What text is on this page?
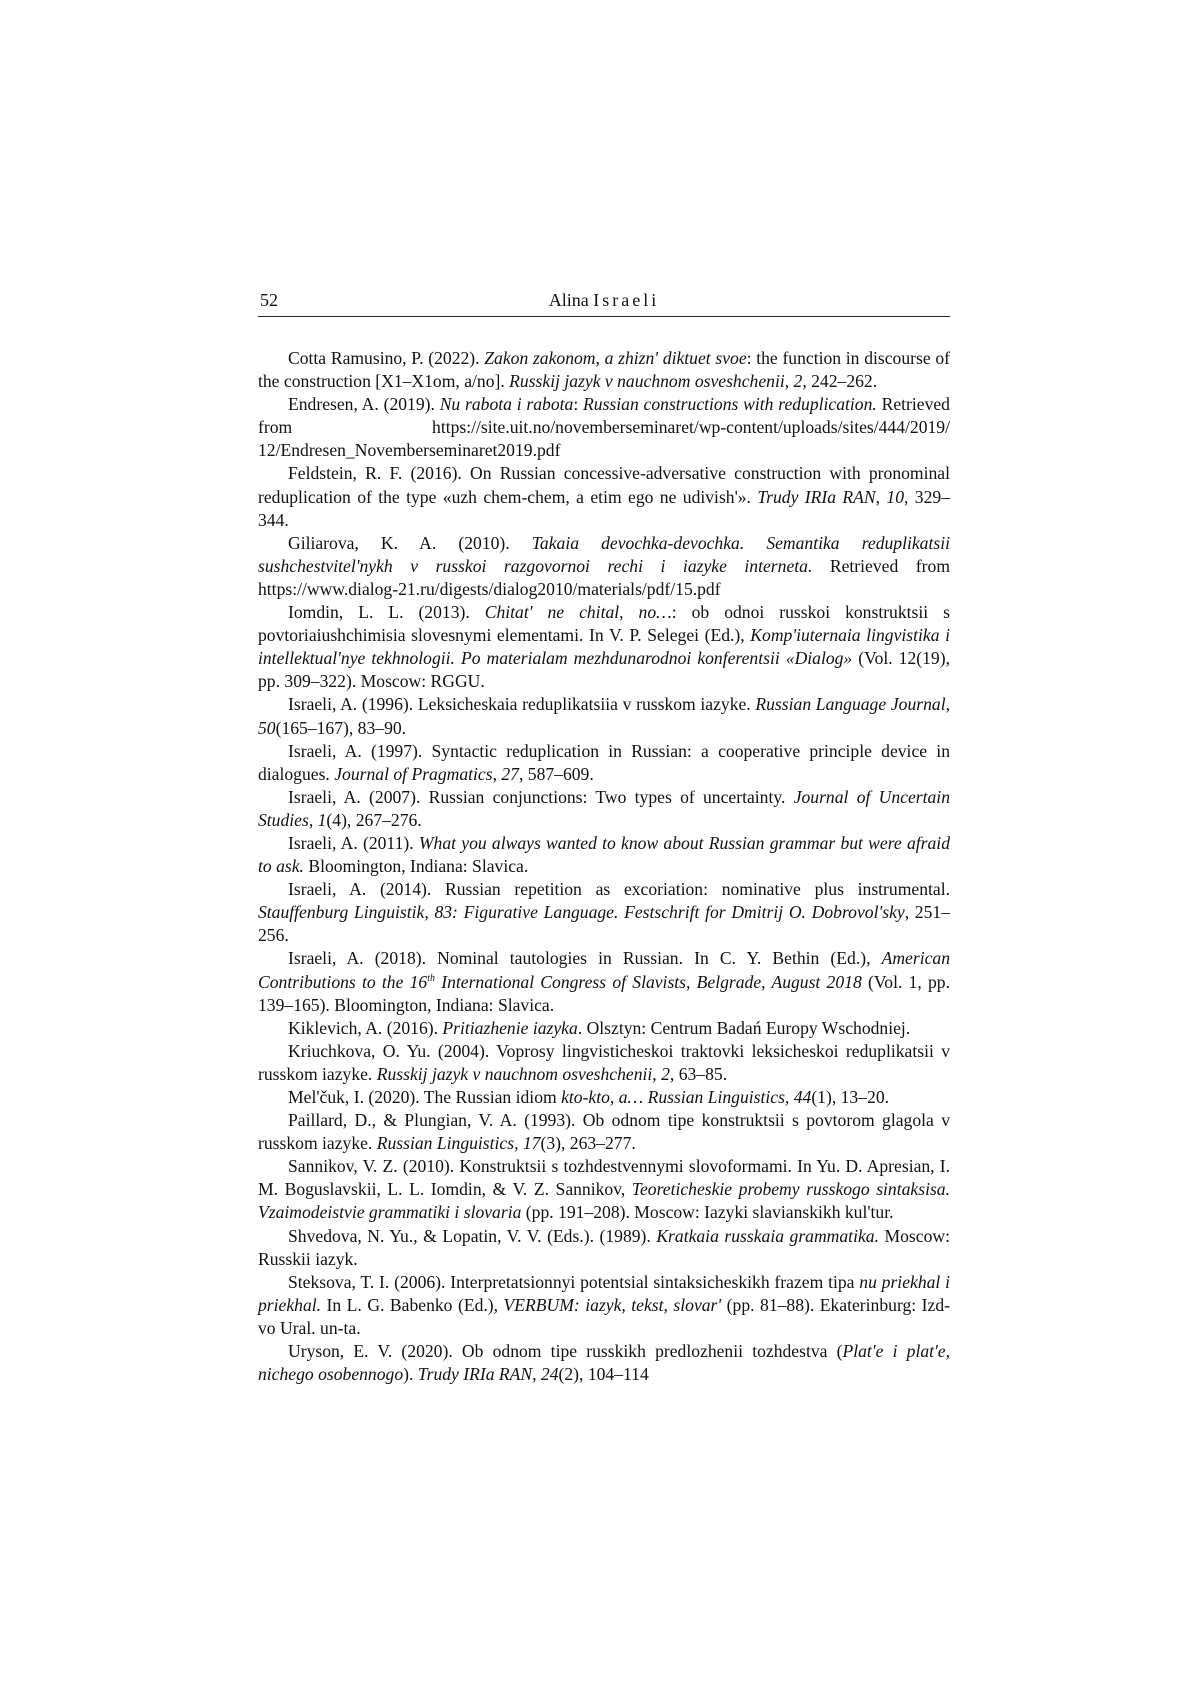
52	Alina Israeli

Cotta Ramusino, P. (2022). Zakon zakonom, a zhizn' diktuet svoe: the function in discourse of the construction [X1–X1om, a/no]. Russkij jazyk v nauchnom osveshchenii, 2, 242–262.

Endresen, A. (2019). Nu rabota i rabota: Russian constructions with reduplication. Retrieved from https://site.uit.no/novemberseminaret/wp-content/uploads/sites/444/2019/ 12/Endresen_Novemberseminaret2019.pdf

Feldstein, R. F. (2016). On Russian concessive-adversative construction with pronominal reduplication of the type «uzh chem-chem, a etim ego ne udivish'». Trudy IRIa RAN, 10, 329–344.

Giliarova, K. A. (2010). Takaia devochka-devochka. Semantika reduplikatsii sushchestvitel'nykh v russkoi razgovornoi rechi i iazyke interneta. Retrieved from https://www.dialog-21.ru/digests/dialog2010/materials/pdf/15.pdf

Iomdin, L. L. (2013). Chitat' ne chital, no…: ob odnoi russkoi konstruktsii s povtoriaiushchimisia slovesnymi elementami. In V. P. Selegei (Ed.), Komp'iuternaia lingvistika i intellektual'nye tekhnologii. Po materialam mezhdunarodnoi konferentsii «Dialog» (Vol. 12(19), pp. 309–322). Moscow: RGGU.

Israeli, A. (1996). Leksicheskaia reduplikatsiia v russkom iazyke. Russian Language Journal, 50(165–167), 83–90.

Israeli, A. (1997). Syntactic reduplication in Russian: a cooperative principle device in dialogues. Journal of Pragmatics, 27, 587–609.

Israeli, A. (2007). Russian conjunctions: Two types of uncertainty. Journal of Uncertain Studies, 1(4), 267–276.

Israeli, A. (2011). What you always wanted to know about Russian grammar but were afraid to ask. Bloomington, Indiana: Slavica.

Israeli, A. (2014). Russian repetition as excoriation: nominative plus instrumental. Stauffenburg Linguistik, 83: Figurative Language. Festschrift for Dmitrij O. Dobrovol'sky, 251–256.

Israeli, A. (2018). Nominal tautologies in Russian. In C. Y. Bethin (Ed.), American Contributions to the 16th International Congress of Slavists, Belgrade, August 2018 (Vol. 1, pp. 139–165). Bloomington, Indiana: Slavica.

Kiklevich, A. (2016). Pritiazhenie iazyka. Olsztyn: Centrum Badań Europy Wschodniej.

Kriuchkova, O. Yu. (2004). Voprosy lingvisticheskoi traktovki leksicheskoi reduplikatsii v russkom iazyke. Russkij jazyk v nauchnom osveshchenii, 2, 63–85.

Mel'čuk, I. (2020). The Russian idiom kto-kto, a… Russian Linguistics, 44(1), 13–20.

Paillard, D., & Plungian, V. A. (1993). Ob odnom tipe konstruktsii s povtorom glagola v russkom iazyke. Russian Linguistics, 17(3), 263–277.

Sannikov, V. Z. (2010). Konstruktsii s tozhdestvennymi slovoformami. In Yu. D. Apresian, I. M. Boguslavskii, L. L. Iomdin, & V. Z. Sannikov, Teoreticheskie probemy russkogo sintaksisa. Vzaimodeistvie grammatiki i slovaria (pp. 191–208). Moscow: Iazyki slavianskikh kul'tur.

Shvedova, N. Yu., & Lopatin, V. V. (Eds.). (1989). Kratkaia russkaia grammatika. Moscow: Russkii iazyk.

Steksova, T. I. (2006). Interpretatsionnyi potentsial sintaksicheskikh frazem tipa nu priekhal i priekhal. In L. G. Babenko (Ed.), VERBUM: iazyk, tekst, slovar' (pp. 81–88). Ekaterinburg: Izd-vo Ural. un-ta.

Uryson, E. V. (2020). Ob odnom tipe russkikh predlozhenii tozhdestva (Plat'e i plat'e, nichego osobennogo). Trudy IRIa RAN, 24(2), 104–114
